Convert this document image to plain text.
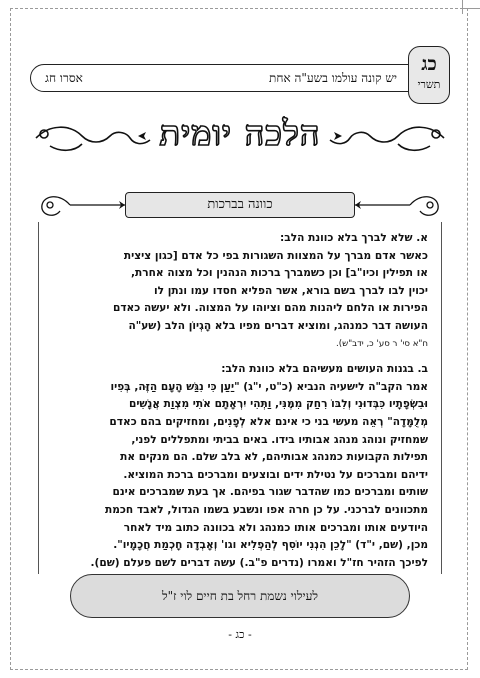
יש קונה עולמו בשע"ה אחת
אסרו חג
כג
תשרי
הלכה יומית
כוונה בברכות
א. שלא לברך בלא כוונת הלב:
כאשר אדם מברך על המצוות השגורות בפי כל אדם [כגון ציצית
או תפילין וכיו"ב] וכן כשמברך ברכות הנהנין וכל מצוה אחרת,
יכוין לבו לברך בשם בורא, אשר הפליא חסדו עמו ונתן לו
הפירות או הלחם ליהנות מהם וציוהו על המצוה. ולא יעשה כאדם
העושה דבר כמנהג, ומוציא דברים מפיו בלא הָגְיוֹן הלב (שע"ה
ח"א סי' ר סע' כ, ידב"ש).
ב. בגנות העושים מעשיהם בלא כוונת הלב:
אמר הקב"ה לישעיה הנביא (כ"ט, י"ג) "יַעַן כִּי נִגַּשׁ הָעָם הַזֶּה, בְּפִיו
וּבִשְׂפָתָיו כִּבְּדוּנִי וְלִבּוֹ רִחַק מִמֶּנִּי, וַתְּהִי יִרְאָתָם אֹתִי מִצְוַת אֲנָשִׁים
מְלֻמָּדָה" רְאֵה מעשי בני כי אינם אלא לְפָנִים, ומחזיקים בהם כאדם
שמחזיק ונוהג מנהג אבותיו בידו. באים בביתי ומתפללים לפני,
תפילות הקבועות כמנהג אבותיהם, לא בלב שלם. הם מנקים את
ידיהם ומברכים על נטילת ידים ובוצעים ומברכים ברכת המוציא.
שותים ומברכים כמו שהדבר שגור בפיהם. אך בעת שמברכים אינם
מתכוונים לברכני. על כן חרה אפו ונשבע בשמו הגדול, לאבד חכמת
היודעים אותו ומברכים אותו כמנהג ולא בכוונה כתוב מיד לאחר
מכן, (שם, י"ד) "לָכֵן הִנְנִי יוֹסִף לְהַפְלִיא וגו' וְאָבְדָה חָכְמַת חֲכָמָיו".
לפיכך הזהיר חז"ל ואמרו (נדרים פ"ב.) עשה דברים לשם פעלם (שם).
לעילוי נשמת רחל בת חיים לוי ז"ל
- כג -
